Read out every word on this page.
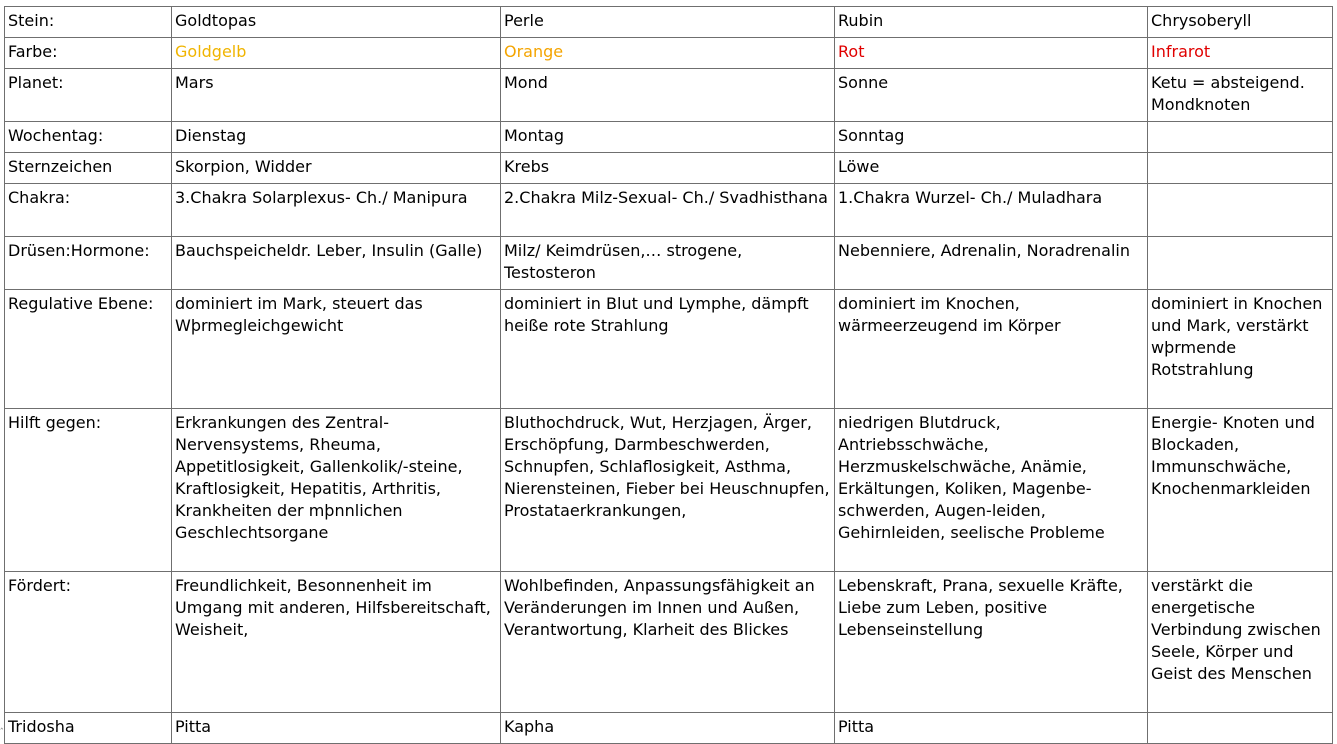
Stein:	Goldtopas	Perle	Rubin	Chrysoberyll
Farbe:	Goldgelb	Orange	Rot	Infrarot
Planet:	Mars	Mond	Sonne	Ketu = absteigend. Mondknoten
Wochentag:	Dienstag	Montag	Sonntag	
Sternzeichen	Skorpion, Widder	Krebs	Löwe	
Chakra:	3.Chakra Solarplexus- Ch./ Manipura	2.Chakra Milz-Sexual- Ch./ Svadhisthana	1.Chakra Wurzel- Ch./ Muladhara	
Drüsen:Hormone:	Bauchspeicheldr. Leber, Insulin (Galle)	Milz/ Keimdrüsen,… strogene, Testosteron	Nebenniere, Adrenalin, Noradrenalin	
Regulative Ebene:	dominiert im Mark, steuert das Wþrmegleichgewicht	dominiert in Blut und Lymphe, dämpft heiße rote Strahlung	dominiert im Knochen, wärmeerzeugend im Körper	dominiert in Knochen und Mark, verstärkt wþrmende Rotstrahlung
Hilft gegen:	Erkrankungen des Zentral-Nervensystems, Rheuma, Appetitlosigkeit, Gallenkolik/-steine, Kraftlosigkeit, Hepatitis, Arthritis, Krankheiten der mþnnlichen Geschlechtsorgane	Bluthochdruck, Wut, Herzjagen, Ärger, Erschöpfung, Darmbeschwerden, Schnupfen, Schlaflosigkeit, Asthma, Nierensteinen, Fieber bei Heuschnupfen, Prostataerkrankungen,	niedrigen Blutdruck, Antriebsschwäche, Herzmuskelschwäche, Anämie, Erkältungen, Koliken, Magenbe-schwerden, Augen-leiden, Gehirnleiden, seelische Probleme	Energie- Knoten und Blockaden, Immunschwäche, Knochenmarkleiden
Fördert:	Freundlichkeit, Besonnenheit im Umgang mit anderen, Hilfsbereitschaft, Weisheit,	Wohlbefinden, Anpassungsfähigkeit an Veränderungen im Innen und Außen, Verantwortung, Klarheit des Blickes	Lebenskraft, Prana, sexuelle Kräfte, Liebe zum Leben, positive Lebenseinstellung	verstärkt die energetische Verbindung zwischen Seele, Körper und Geist des Menschen
Tridosha	Pitta	Kapha	Pitta	
